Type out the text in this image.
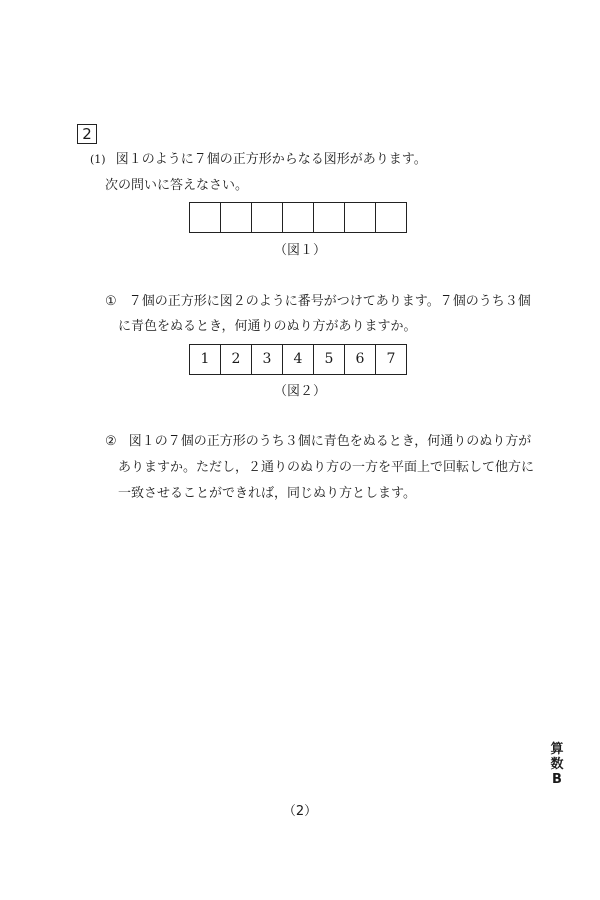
2
(1) 図１のように７個の正方形からなる図形があります。
次の問いに答えなさい。
（図１）
① ７個の正方形に図２のように番号がつけてあります。７個のうち３個
に青色をぬるとき，何通りのぬり方がありますか。
1	2	3	4	5	6	7
（図２）
② 図１の７個の正方形のうち３個に青色をぬるとき，何通りのぬり方が
ありますか。ただし，２通りのぬり方の一方を平面上で回転して他方に
一致させることができれば，同じぬり方とします。
算
数
B
（2）
